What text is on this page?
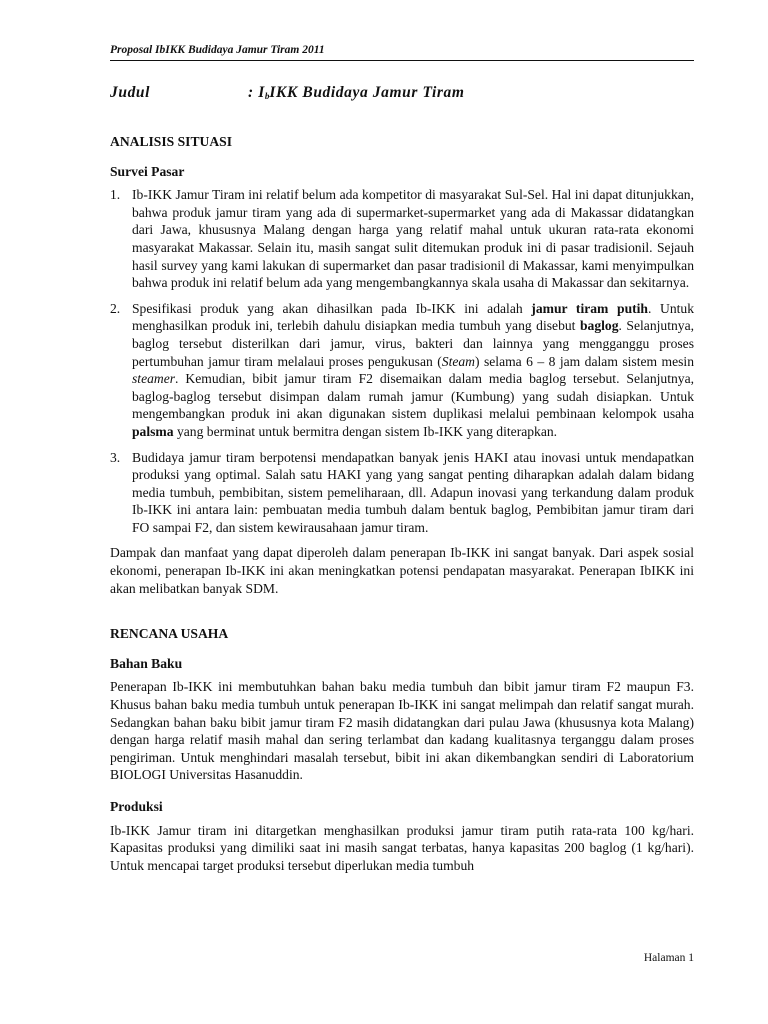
Proposal IbIKK Budidaya Jamur Tiram 2011
Judul	: $I_bIKK$ Budidaya Jamur Tiram
ANALISIS SITUASI
Survei Pasar
1. Ib-IKK Jamur Tiram ini relatif belum ada kompetitor di masyarakat Sul-Sel. Hal ini dapat ditunjukkan, bahwa produk jamur tiram yang ada di supermarket-supermarket yang ada di Makassar didatangkan dari Jawa, khususnya Malang dengan harga yang relatif mahal untuk ukuran rata-rata ekonomi masyarakat Makassar. Selain itu, masih sangat sulit ditemukan produk ini di pasar tradisionil. Sejauh hasil survey yang kami lakukan di supermarket dan pasar tradisionil di Makassar, kami menyimpulkan bahwa produk ini relatif belum ada yang mengembangkannya skala usaha di Makassar dan sekitarnya.
2. Spesifikasi produk yang akan dihasilkan pada Ib-IKK ini adalah jamur tiram putih. Untuk menghasilkan produk ini, terlebih dahulu disiapkan media tumbuh yang disebut baglog. Selanjutnya, baglog tersebut disterilkan dari jamur, virus, bakteri dan lainnya yang mengganggu proses pertumbuhan jamur tiram melalaui proses pengukusan (Steam) selama 6 – 8 jam dalam sistem mesin steamer. Kemudian, bibit jamur tiram F2 disemaikan dalam media baglog tersebut. Selanjutnya, baglog-baglog tersebut disimpan dalam rumah jamur (Kumbung) yang sudah disiapkan. Untuk mengembangkan produk ini akan digunakan sistem duplikasi melalui pembinaan kelompok usaha palsma yang berminat untuk bermitra dengan sistem Ib-IKK yang diterapkan.
3. Budidaya jamur tiram berpotensi mendapatkan banyak jenis HAKI atau inovasi untuk mendapatkan produksi yang optimal. Salah satu HAKI yang yang sangat penting diharapkan adalah dalam bidang media tumbuh, pembibitan, sistem pemeliharaan, dll. Adapun inovasi yang terkandung dalam produk Ib-IKK ini antara lain: pembuatan media tumbuh dalam bentuk baglog, Pembibitan jamur tiram dari FO sampai F2, dan sistem kewirausahaan jamur tiram.
Dampak dan manfaat yang dapat diperoleh dalam penerapan Ib-IKK ini sangat banyak. Dari aspek sosial ekonomi, penerapan Ib-IKK ini akan meningkatkan potensi pendapatan masyarakat. Penerapan IbIKK ini akan melibatkan banyak SDM.
RENCANA USAHA
Bahan Baku
Penerapan Ib-IKK ini membutuhkan bahan baku media tumbuh dan bibit jamur tiram F2 maupun F3. Khusus bahan baku media tumbuh untuk penerapan Ib-IKK ini sangat melimpah dan relatif sangat murah. Sedangkan bahan baku bibit jamur tiram F2 masih didatangkan dari pulau Jawa (khususnya kota Malang) dengan harga relatif masih mahal dan sering terlambat dan kadang kualitasnya terganggu dalam proses pengiriman. Untuk menghindari masalah tersebut, bibit ini akan dikembangkan sendiri di Laboratorium BIOLOGI Universitas Hasanuddin.
Produksi
Ib-IKK Jamur tiram ini ditargetkan menghasilkan produksi jamur tiram putih rata-rata 100 kg/hari. Kapasitas produksi yang dimiliki saat ini masih sangat terbatas, hanya kapasitas 200 baglog (1 kg/hari). Untuk mencapai target produksi tersebut diperlukan media tumbuh
Halaman 1
